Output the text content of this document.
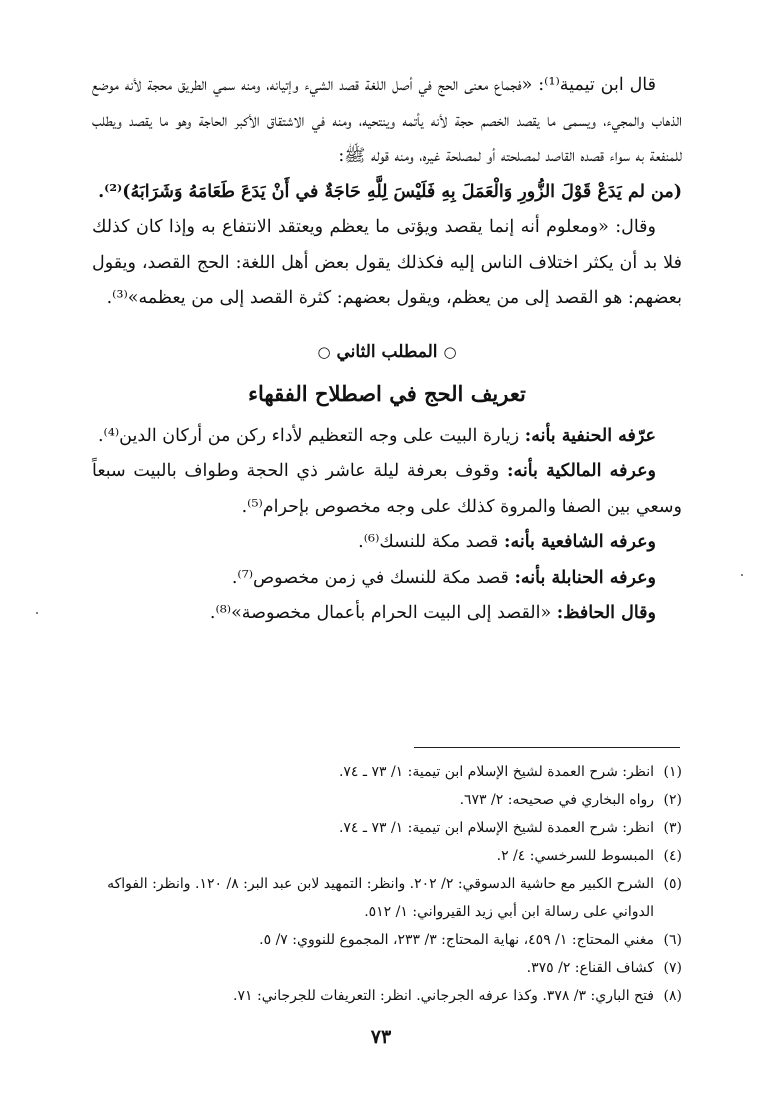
قال ابن تيمية⁽¹⁾: «فجماع معنى الحج في أصل اللغة قصد الشيء وإتيانه، ومنه سمي الطريق محجة لأنه موضع الذهاب والمجيء، ويسمى ما يقصد الخصم حجة لأنه يأتمه وينتحيه، ومنه في الاشتقاق الأكبر الحاجة وهو ما يقصد ويطلب للمنفعة به سواء قصده القاصد لمصلحته أو لمصلحة غيره، ومنه قوله ﷺ:

(من لم يَدَعْ قَوْلَ الزُّورِ وَالْعَمَلَ بِهِ فَلَيْسَ لِلَّهِ حَاجَةٌ في أَنْ يَدَعَ طَعَامَهُ وَشَرَابَهُ)⁽²⁾.

وقال: «ومعلوم أنه إنما يقصد ويؤتى ما يعظم ويعتقد الانتفاع به وإذا كان كذلك فلا بد أن يكثر اختلاف الناس إليه فكذلك يقول بعض أهل اللغة: الحج القصد، ويقول بعضهم: هو القصد إلى من يعظم، ويقول بعضهم: كثرة القصد إلى من يعظمه»⁽³⁾.

○ المطلب الثاني ○
تعريف الحج في اصطلاح الفقهاء

عرّفه الحنفية بأنه: زيارة البيت على وجه التعظيم لأداء ركن من أركان الدين⁽⁴⁾.

وعرفه المالكية بأنه: وقوف بعرفة ليلة عاشر ذي الحجة وطواف بالبيت سبعاً وسعي بين الصفا والمروة كذلك على وجه مخصوص بإحرام⁽⁵⁾.

وعرفه الشافعية بأنه: قصد مكة للنسك⁽⁶⁾.

وعرفه الحنابلة بأنه: قصد مكة للنسك في زمن مخصوص⁽⁷⁾.

وقال الحافظ: «القصد إلى البيت الحرام بأعمال مخصوصة»⁽⁸⁾.

(١)
انظر: شرح العمدة لشيخ الإسلام ابن تيمية: ١/ ٧٣ ـ ٧٤.
(٢)
رواه البخاري في صحيحه: ٢/ ٦٧٣.
(٣)
انظر: شرح العمدة لشيخ الإسلام ابن تيمية: ١/ ٧٣ ـ ٧٤.
(٤)
المبسوط للسرخسي: ٤/ ٢.
(٥)
الشرح الكبير مع حاشية الدسوقي: ٢/ ٢٠٢. وانظر: التمهيد لابن عبد البر: ٨/ ١٢٠. وانظر: الفواكه الدواني على رسالة ابن أبي زيد القيرواني: ١/ ٥١٢.
(٦)
مغني المحتاج: ١/ ٤٥٩، نهاية المحتاج: ٣/ ٢٣٣، المجموع للنووي: ٧/ ٥.
(٧)
كشاف القناع: ٢/ ٣٧٥.
(٨)
فتح الباري: ٣/ ٣٧٨. وكذا عرفه الجرجاني. انظر: التعريفات للجرجاني: ٧١.
٧٣
